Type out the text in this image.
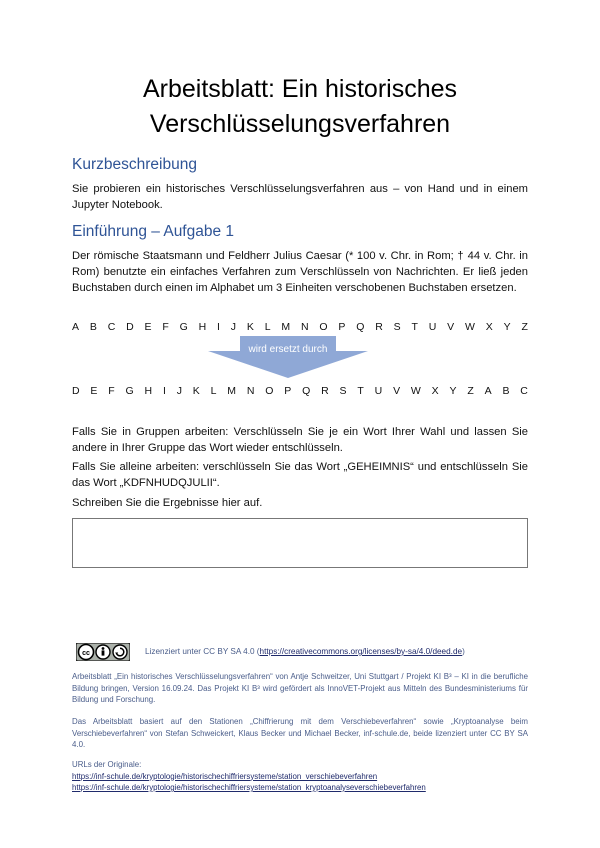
Arbeitsblatt: Ein historisches
Verschlüsselungsverfahren
Kurzbeschreibung
Sie probieren ein historisches Verschlüsselungsverfahren aus – von Hand und in einem Jupyter Notebook.
Einführung – Aufgabe 1
Der römische Staatsmann und Feldherr Julius Caesar (* 100 v. Chr. in Rom; † 44 v. Chr. in Rom) benutzte ein einfaches Verfahren zum Verschlüsseln von Nachrichten. Er ließ jeden Buchstaben durch einen im Alphabet um 3 Einheiten verschobenen Buchstaben ersetzen.
A B C D E F G H I J K L M N O P Q R S T U V W X Y Z
wird ersetzt durch
D E F G H I J K L M N O P Q R S T U V W X Y Z A B C
Falls Sie in Gruppen arbeiten: Verschlüsseln Sie je ein Wort Ihrer Wahl und lassen Sie andere in Ihrer Gruppe das Wort wieder entschlüsseln.
Falls Sie alleine arbeiten: verschlüsseln Sie das Wort „GEHEIMNIS“ und entschlüsseln Sie das Wort „KDFNHUDQJULII“.
Schreiben Sie die Ergebnisse hier auf.
cc	Lizenziert unter CC BY SA 4.0 (https://creativecommons.org/licenses/by-sa/4.0/deed.de)
Arbeitsblatt „Ein historisches Verschlüsselungsverfahren“ von Antje Schweitzer, Uni Stuttgart / Projekt KI B³ – KI in die berufliche Bildung bringen, Version 16.09.24. Das Projekt KI B³ wird gefördert als InnoVET-Projekt aus Mitteln des Bundesministeriums für Bildung und Forschung.
Das Arbeitsblatt basiert auf den Stationen „Chiffrierung mit dem Verschiebeverfahren“ sowie „Kryptoanalyse beim Verschiebeverfahren“ von Stefan Schweickert, Klaus Becker und Michael Becker, inf-schule.de, beide lizenziert unter CC BY SA 4.0.
URLs der Originale:
https://inf-schule.de/kryptologie/historischechiffriersysteme/station_verschiebeverfahren
https://inf-schule.de/kryptologie/historischechiffriersysteme/station_kryptoanalyseverschiebeverfahren
